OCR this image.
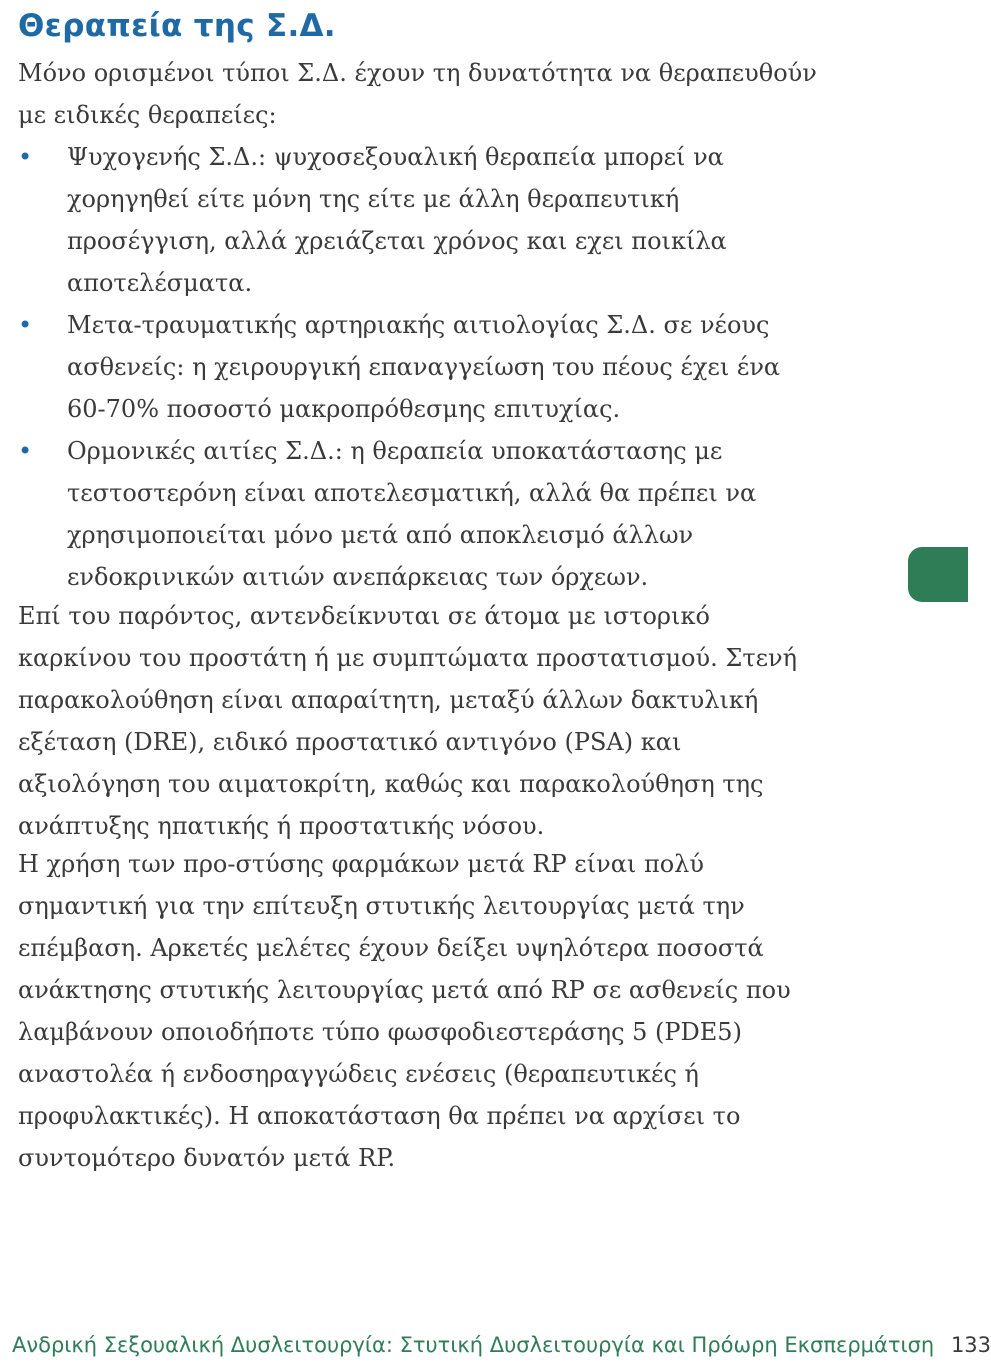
Θεραπεία της Σ.Δ.

Μόνο ορισμένοι τύποι Σ.Δ. έχουν τη δυνατότητα να θεραπευθούν με ειδικές θεραπείες:

• Ψυχογενής Σ.Δ.: ψυχοσεξουαλική θεραπεία μπορεί να χορηγηθεί είτε μόνη της είτε με άλλη θεραπευτική προσέγγιση, αλλά χρειάζεται χρόνος και εχει ποικίλα αποτελέσματα.
• Μετα-τραυματικής αρτηριακής αιτιολογίας Σ.Δ. σε νέους ασθενείς: η χειρουργική επαναγγείωση του πέους έχει ένα 60-70% ποσοστό μακροπρόθεσμης επιτυχίας.
• Ορμονικές αιτίες Σ.Δ.: η θεραπεία υποκατάστασης με τεστοστερόνη είναι αποτελεσματική, αλλά θα πρέπει να χρησιμοποιείται μόνο μετά από αποκλεισμό άλλων ενδοκρινικών αιτιών ανεπάρκειας των όρχεων.

Επί του παρόντος, αντενδείκνυται σε άτομα με ιστορικό καρκίνου του προστάτη ή με συμπτώματα προστατισμού. Στενή παρακολούθηση είναι απαραίτητη, μεταξύ άλλων δακτυλική εξέταση (DRE), ειδικό προστατικό αντιγόνο (PSA) και αξιολόγηση του αιματοκρίτη, καθώς και παρακολούθηση της ανάπτυξης ηπατικής ή προστατικής νόσου.

Η χρήση των προ-στύσης φαρμάκων μετά RP είναι πολύ σημαντική για την επίτευξη στυτικής λειτουργίας μετά την επέμβαση. Αρκετές μελέτες έχουν δείξει υψηλότερα ποσοστά ανάκτησης στυτικής λειτουργίας μετά από RP σε ασθενείς που λαμβάνουν οποιοδήποτε τύπο φωσφοδιεστεράσης 5 (PDE5) αναστολέα ή ενδοσηραγγώδεις ενέσεις (θεραπευτικές ή προφυλακτικές). Η αποκατάσταση θα πρέπει να αρχίσει το συντομότερο δυνατόν μετά RP.

Ανδρική Σεξουαλική Δυσλειτουργία: Στυτική Δυσλειτουργία και Πρόωρη Εκσπερμάτιση 133
